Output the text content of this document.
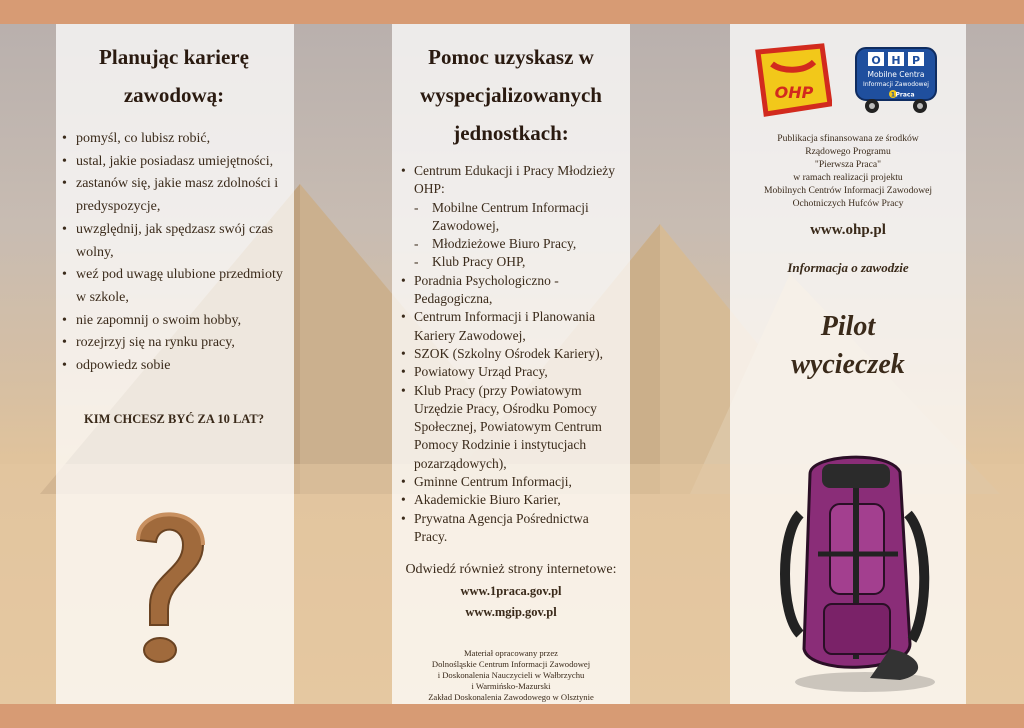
Planując karierę zawodową:
• pomyśl, co lubisz robić,
• ustal, jakie posiadasz umiejętności,
• zastanów się, jakie masz zdolności i predyspozycje,
• uwzględnij, jak spędzasz swój czas wolny,
• weź pod uwagę ulubione przedmioty w szkole,
• nie zapomnij o swoim hobby,
• rozejrzyj się na rynku pracy,
• odpowiedz sobie
KIM CHCESZ BYĆ ZA 10 LAT?
Pomoc uzyskasz w wyspecjalizowanych jednostkach:
• Centrum Edukacji i Pracy Młodzieży OHP:
- Mobilne Centrum Informacji Zawodowej,
- Młodzieżowe Biuro Pracy,
- Klub Pracy OHP,
• Poradnia Psychologiczno - Pedagogiczna,
• Centrum Informacji i Planowania Kariery Zawodowej,
• SZOK (Szkolny Ośrodek Kariery),
• Powiatowy Urząd Pracy,
• Klub Pracy (przy Powiatowym Urzędzie Pracy, Ośrodku Pomocy Społecznej, Powiatowym Centrum Pomocy Rodzinie i instytucjach pozarządowych),
• Gminne Centrum Informacji,
• Akademickie Biuro Karier,
• Prywatna Agencja Pośrednictwa Pracy.
Odwiedź również strony internetowe:
www.1praca.gov.pl
www.mgip.gov.pl
Materiał opracowany przez
Dolnośląskie Centrum Informacji Zawodowej
i Doskonalenia Nauczycieli w Wałbrzychu
i Warmińsko-Mazurski
Zakład Doskonalenia Zawodowego w Olsztynie
OHP
O H P
Mobilne Centra
Informacji Zawodowej
1 Praca
Publikacja sfinansowana ze środków
Rządowego Programu
"Pierwsza Praca"
w ramach realizacji projektu
Mobilnych Centrów Informacji Zawodowej
Ochotniczych Hufców Pracy
www.ohp.pl
Informacja o zawodzie
Pilot
wycieczek
